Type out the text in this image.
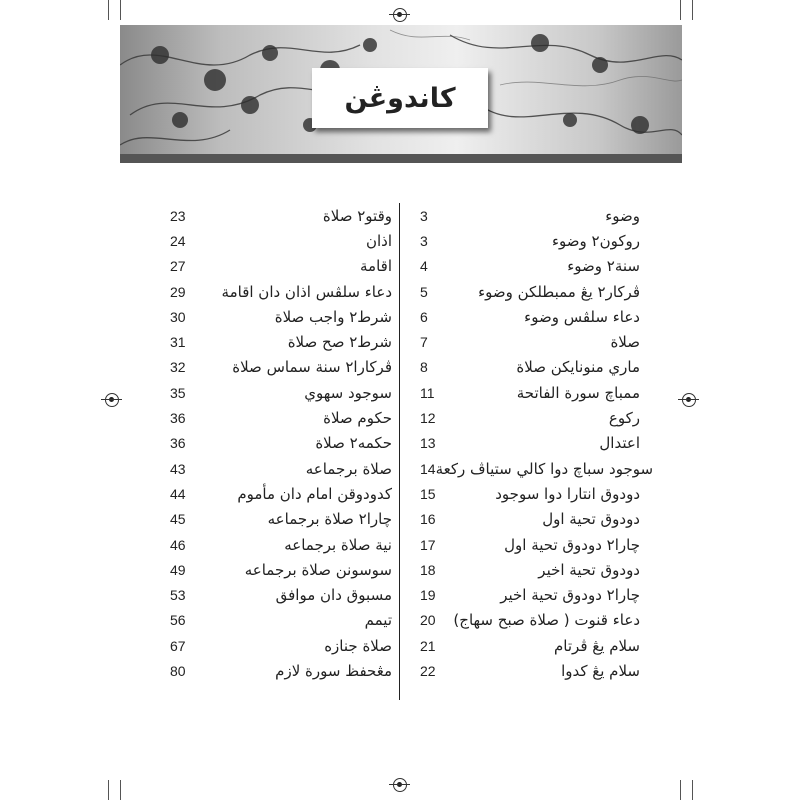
كاندوڠن
3	وضوء
3	روكون٢ وضوء
4	سنة٢ وضوء
5	ڤركار٢ يڠ ممبطلكن وضوء
6	دعاء سلڤس وضوء
7	صلاة
8	ماري منونايكن صلاة
11	ممباچ سورة الفاتحة
12	ركوع
13	اعتدال
14 سوجود سباچ دوا كالي ستياڤ ركعة
15	دودوق انتارا دوا سوجود
16	دودوق تحية اول
17	چارا٢ دودوق تحية اول
18	دودوق تحية اخير
19	چارا٢ دودوق تحية اخير
20	دعاء قنوت ( صلاة صبح سهاج)
21	سلام يڠ ڤرتام
22	سلام يڠ كدوا
23	وقتو٢ صلاة
24	اذان
27	اقامة
29	دعاء سلڤس اذان دان اقامة
30	شرط٢ واجب صلاة
31	شرط٢ صح صلاة
32	ڤركارا٢ سنة سماس صلاة
35	سوجود سهوي
36	حكوم صلاة
36	حكمه٢ صلاة
43	صلاة برجماعه
44	كدودوقن امام دان مأموم
45	چارا٢ صلاة برجماعه
46	نية صلاة برجماعه
49	سوسونن صلاة برجماعه
53	مسبوق دان موافق
56	تيمم
67	صلاة جنازه
80	مڠحفظ سورة لازم
